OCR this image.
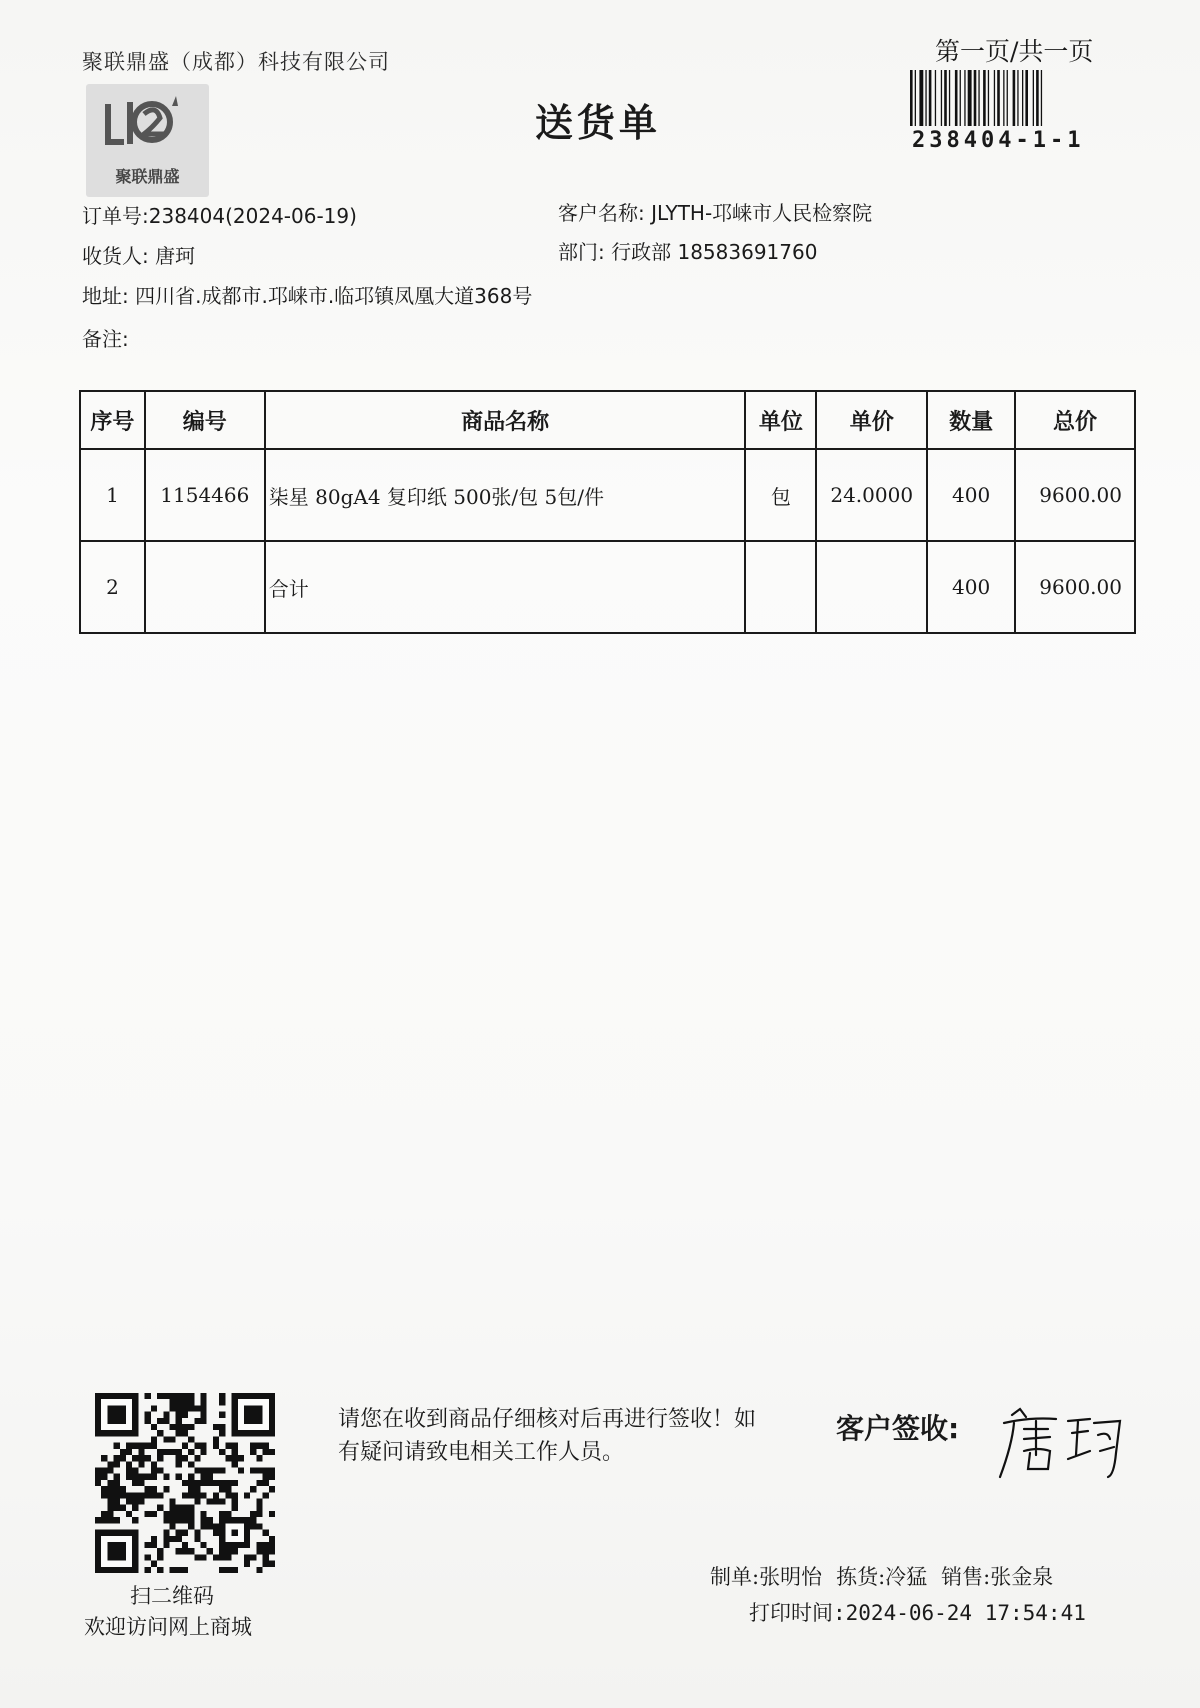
聚联鼎盛（成都）科技有限公司
聚联鼎盛
送货单
第一页/共一页
238404-1-1
订单号:238404(2024-06-19)	客户名称: JLYTH-邛崃市人民检察院
收货人: 唐珂	部门: 行政部 18583691760
地址: 四川省.成都市.邛崃市.临邛镇凤凰大道368号
备注:
序号	编号	商品名称	单位	单价	数量	总价
1	1154466	柒星 80gA4 复印纸 500张/包 5包/件	包	24.0000	400	9600.00
2		合计			400	9600.00
扫二维码
欢迎访问网上商城
请您在收到商品仔细核对后再进行签收！如有疑问请致电相关工作人员。
客户签收:
制单:张明怡 拣货:冷猛 销售:张金泉
打印时间:2024-06-24 17:54:41
